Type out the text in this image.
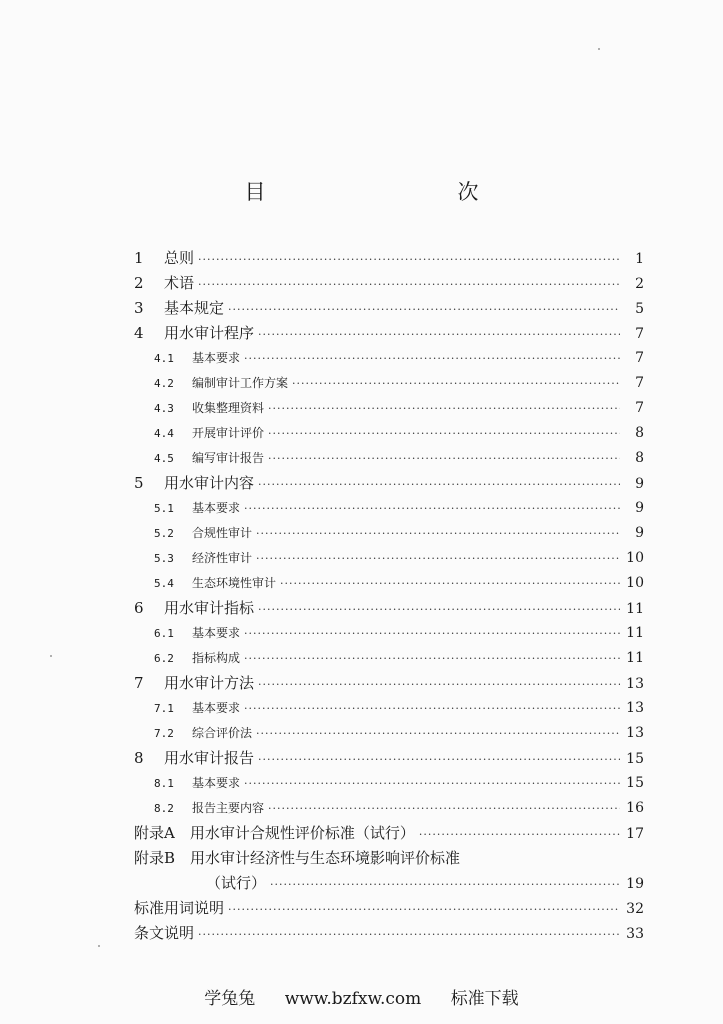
目　　次
1	总则 ·····	1
2	术语 ·····	2
3	基本规定 ·····	5
4	用水审计程序 ·····	7
4.1	基本要求 ·····	7
4.2	编制审计工作方案 ·····	7
4.3	收集整理资料 ·····	7
4.4	开展审计评价 ·····	8
4.5	编写审计报告 ·····	8
5	用水审计内容 ·····	9
5.1	基本要求 ·····	9
5.2	合规性审计 ·····	9
5.3	经济性审计 ·····	10
5.4	生态环境性审计 ·····	10
6	用水审计指标 ·····	11
6.1	基本要求 ·····	11
6.2	指标构成 ·····	11
7	用水审计方法 ·····	13
7.1	基本要求 ·····	13
7.2	综合评价法 ·····	13
8	用水审计报告 ·····	15
8.1	基本要求 ·····	15
8.2	报告主要内容 ·····	16
附录A　用水审计合规性评价标准（试行） ·····	17
附录B　用水审计经济性与生态环境影响评价标准
（试行） ·····	19
标准用词说明 ·····	32
条文说明 ·····	33
学兔兔 www.bzfxw.com 标准下载
